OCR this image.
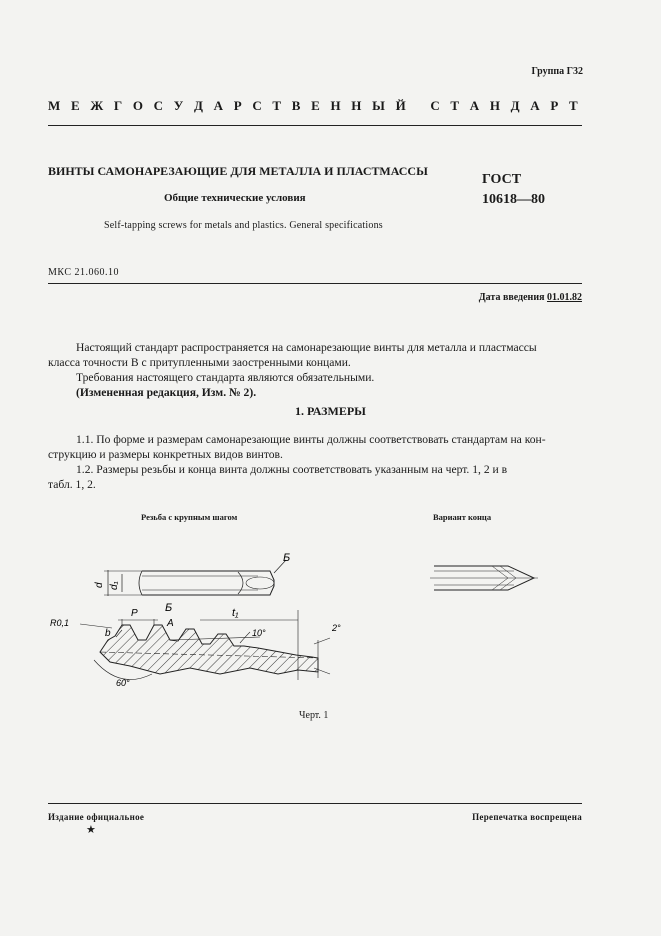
Группа Г32
М Е Ж Г О С У Д А Р С Т В Е Н Н Ы Й
С Т А Н Д А Р Т
ВИНТЫ САМОНАРЕЗАЮЩИЕ ДЛЯ МЕТАЛЛА И ПЛАСТМАССЫ
Общие технические условия
ГОСТ
10618—80
Self-tapping screws for metals and plastics. General specifications
МКС 21.060.10
Дата введения 01.01.82
Настоящий стандарт распространяется на самонарезающие винты для металла и пластмассы
класса точности В с притупленными заостренными концами.
Требования настоящего стандарта являются обязательными.
(Измененная редакция, Изм. № 2).
1. РАЗМЕРЫ
1.1. По форме и размерам самонарезающие винты должны соответствовать стандартам на кон-
струкцию и размеры конкретных видов винтов.
1.2. Размеры резьбы и конца винта должны соответствовать указанным на черт. 1, 2 и в
табл. 1, 2.
Резьба с крупным шагом	Вариант конца
Б
d d₁
P
b
Б
A
t₁
R0,1
10°	2°
60°
Черт. 1
Издание официальное	Перепечатка воспрещена
★
